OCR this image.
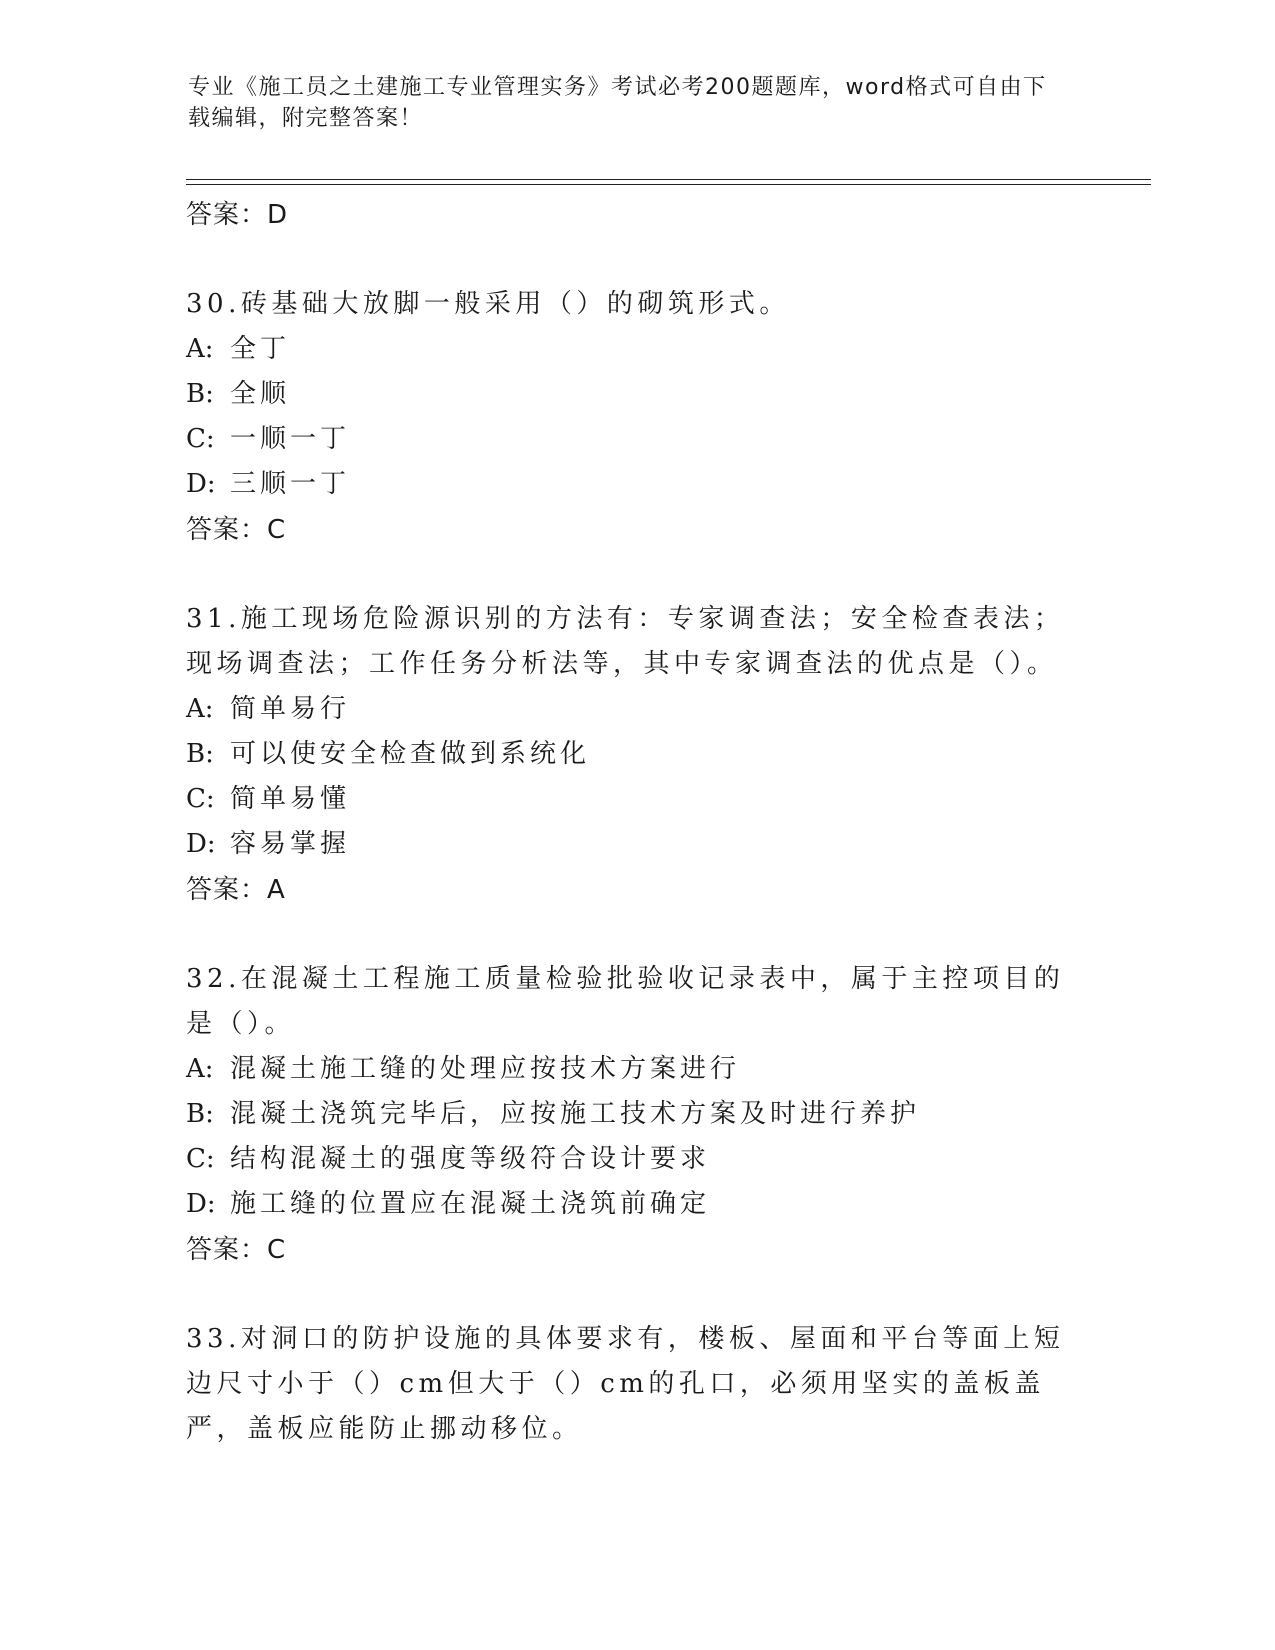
专业《施工员之土建施工专业管理实务》考试必考200题题库，word格式可自由下载编辑，附完整答案！
答案：D
30.砖基础大放脚一般采用（）的砌筑形式。
A: 全丁
B: 全顺
C: 一顺一丁
D: 三顺一丁
答案：C
31.施工现场危险源识别的方法有：专家调查法；安全检查表法；现场调查法；工作任务分析法等，其中专家调查法的优点是（）。
A: 简单易行
B: 可以使安全检查做到系统化
C: 简单易懂
D: 容易掌握
答案：A
32.在混凝土工程施工质量检验批验收记录表中，属于主控项目的是（）。
A: 混凝土施工缝的处理应按技术方案进行
B: 混凝土浇筑完毕后，应按施工技术方案及时进行养护
C: 结构混凝土的强度等级符合设计要求
D: 施工缝的位置应在混凝土浇筑前确定
答案：C
33.对洞口的防护设施的具体要求有，楼板、屋面和平台等面上短边尺寸小于（）cm但大于（）cm的孔口，必须用坚实的盖板盖严，盖板应能防止挪动移位。
